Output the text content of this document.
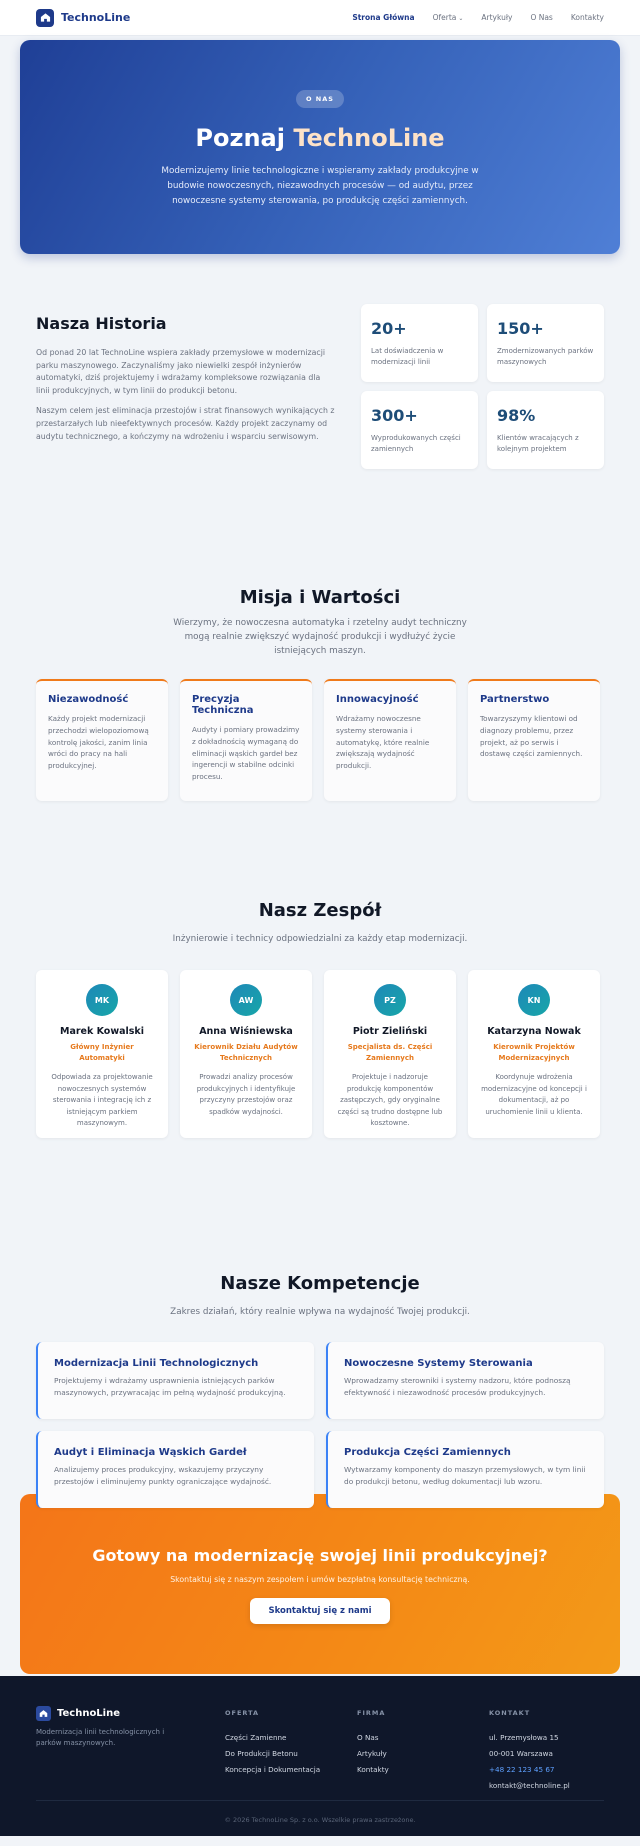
TechnoLine	Strona Główna Oferta ⌄ Artykuły O Nas Kontakty
O NAS
Poznaj TechnoLine

Modernizujemy linie technologiczne i wspieramy zakłady produkcyjne w budowie nowoczesnych, niezawodnych procesów — od audytu, przez nowoczesne systemy sterowania, po produkcję części zamiennych.

Nasza Historia

Od ponad 20 lat TechnoLine wspiera zakłady przemysłowe w modernizacji parku maszynowego. Zaczynaliśmy jako niewielki zespół inżynierów automatyki, dziś projektujemy i wdrażamy kompleksowe rozwiązania dla linii produkcyjnych, w tym linii do produkcji betonu.

Naszym celem jest eliminacja przestojów i strat finansowych wynikających z przestarzałych lub nieefektywnych procesów. Każdy projekt zaczynamy od audytu technicznego, a kończymy na wdrożeniu i wsparciu serwisowym.

20+
Lat doświadczenia w modernizacji linii
150+
Zmodernizowanych parków maszynowych
300+
Wyprodukowanych części zamiennych
98%
Klientów wracających z kolejnym projektem
Misja i Wartości

Wierzymy, że nowoczesna automatyka i rzetelny audyt techniczny mogą realnie zwiększyć wydajność produkcji i wydłużyć życie istniejących maszyn.

Niezawodność
Każdy projekt modernizacji przechodzi wielopoziomową kontrolę jakości, zanim linia wróci do pracy na hali produkcyjnej.
Precyzja Techniczna
Audyty i pomiary prowadzimy z dokładnością wymaganą do eliminacji wąskich gardeł bez ingerencji w stabilne odcinki procesu.
Innowacyjność
Wdrażamy nowoczesne systemy sterowania i automatykę, które realnie zwiększają wydajność produkcji.
Partnerstwo
Towarzyszymy klientowi od diagnozy problemu, przez projekt, aż po serwis i dostawę części zamiennych.
Nasz Zespół

Inżynierowie i technicy odpowiedzialni za każdy etap modernizacji.

MK
Marek Kowalski
Główny Inżynier Automatyki
Odpowiada za projektowanie nowoczesnych systemów sterowania i integrację ich z istniejącym parkiem maszynowym.
AW
Anna Wiśniewska
Kierownik Działu Audytów Technicznych
Prowadzi analizy procesów produkcyjnych i identyfikuje przyczyny przestojów oraz spadków wydajności.
PZ
Piotr Zieliński
Specjalista ds. Części Zamiennych
Projektuje i nadzoruje produkcję komponentów zastępczych, gdy oryginalne części są trudno dostępne lub kosztowne.
KN
Katarzyna Nowak
Kierownik Projektów Modernizacyjnych
Koordynuje wdrożenia modernizacyjne od koncepcji i dokumentacji, aż po uruchomienie linii u klienta.
Nasze Kompetencje

Zakres działań, który realnie wpływa na wydajność Twojej produkcji.

Modernizacja Linii Technologicznych
Projektujemy i wdrażamy usprawnienia istniejących parków maszynowych, przywracając im pełną wydajność produkcyjną.
Nowoczesne Systemy Sterowania
Wprowadzamy sterowniki i systemy nadzoru, które podnoszą efektywność i niezawodność procesów produkcyjnych.
Audyt i Eliminacja Wąskich Gardeł
Analizujemy proces produkcyjny, wskazujemy przyczyny przestojów i eliminujemy punkty ograniczające wydajność.
Produkcja Części Zamiennych
Wytwarzamy komponenty do maszyn przemysłowych, w tym linii do produkcji betonu, według dokumentacji lub wzoru.
Gotowy na modernizację swojej linii produkcyjnej?
Skontaktuj się z naszym zespołem i umów bezpłatną konsultację techniczną.
Skontaktuj się z nami
TechnoLine
Modernizacja linii technologicznych i parków maszynowych.
OFERTA
Części Zamienne
Do Produkcji Betonu
Koncepcja i Dokumentacja
FIRMA
O Nas
Artykuły
Kontakty
KONTAKT
ul. Przemysłowa 15
00-001 Warszawa
+48 22 123 45 67
kontakt@technoline.pl
© 2026 TechnoLine Sp. z o.o. Wszelkie prawa zastrzeżone.
